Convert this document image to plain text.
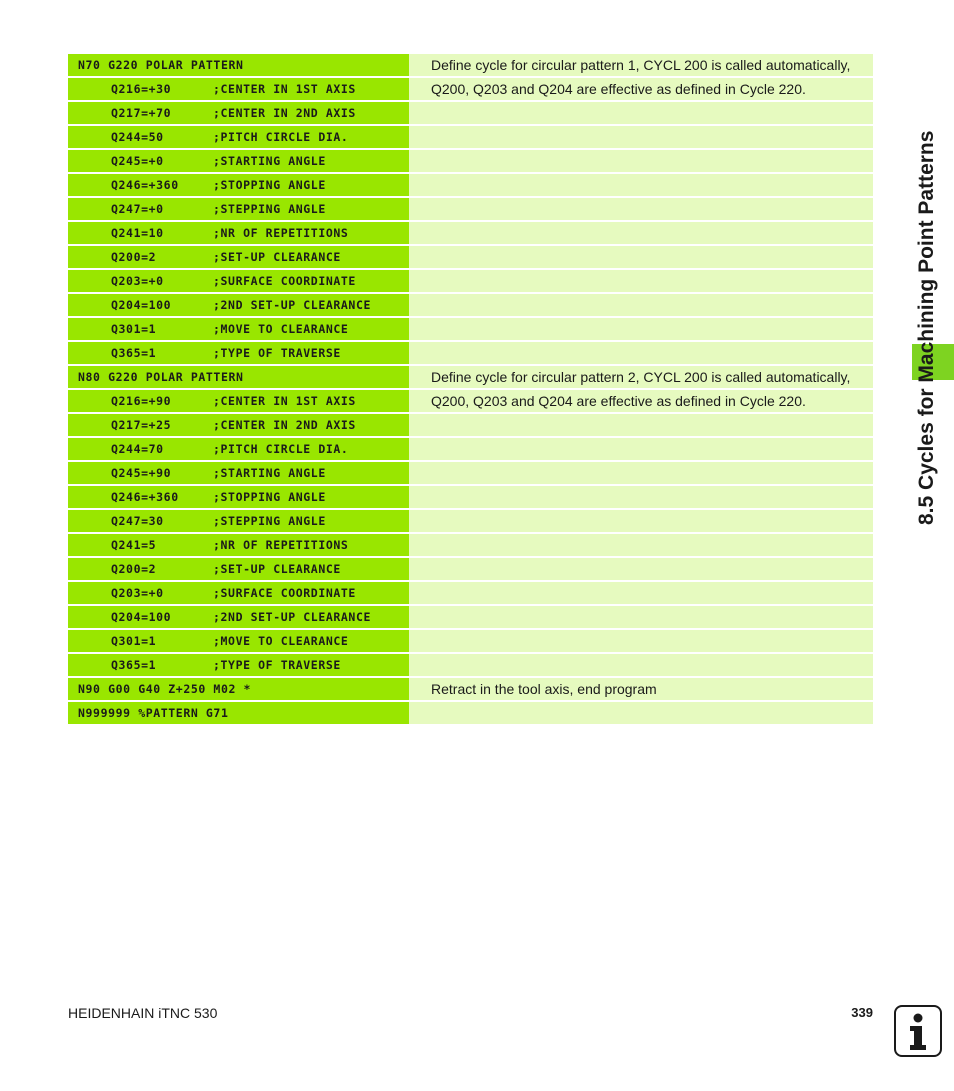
N70 G220 POLAR PATTERN	Define cycle for circular pattern 1, CYCL 200 is called automatically,
Q216=+30	;CENTER IN 1ST AXIS	Q200, Q203 and Q204 are effective as defined in Cycle 220.
Q217=+70	;CENTER IN 2ND AXIS
Q244=50	;PITCH CIRCLE DIA.
Q245=+0	;STARTING ANGLE
Q246=+360	;STOPPING ANGLE
Q247=+0	;STEPPING ANGLE
Q241=10	;NR OF REPETITIONS
Q200=2	;SET-UP CLEARANCE
Q203=+0	;SURFACE COORDINATE
Q204=100	;2ND SET-UP CLEARANCE
Q301=1	;MOVE TO CLEARANCE
Q365=1	;TYPE OF TRAVERSE
N80 G220 POLAR PATTERN	Define cycle for circular pattern 2, CYCL 200 is called automatically,
Q216=+90	;CENTER IN 1ST AXIS	Q200, Q203 and Q204 are effective as defined in Cycle 220.
Q217=+25	;CENTER IN 2ND AXIS
Q244=70	;PITCH CIRCLE DIA.
Q245=+90	;STARTING ANGLE
Q246=+360	;STOPPING ANGLE
Q247=30	;STEPPING ANGLE
Q241=5	;NR OF REPETITIONS
Q200=2	;SET-UP CLEARANCE
Q203=+0	;SURFACE COORDINATE
Q204=100	;2ND SET-UP CLEARANCE
Q301=1	;MOVE TO CLEARANCE
Q365=1	;TYPE OF TRAVERSE
N90 G00 G40 Z+250 M02 *	Retract in the tool axis, end program
N999999 %PATTERN G71
8.5 Cycles for Machining Point Patterns
HEIDENHAIN iTNC 530	339
